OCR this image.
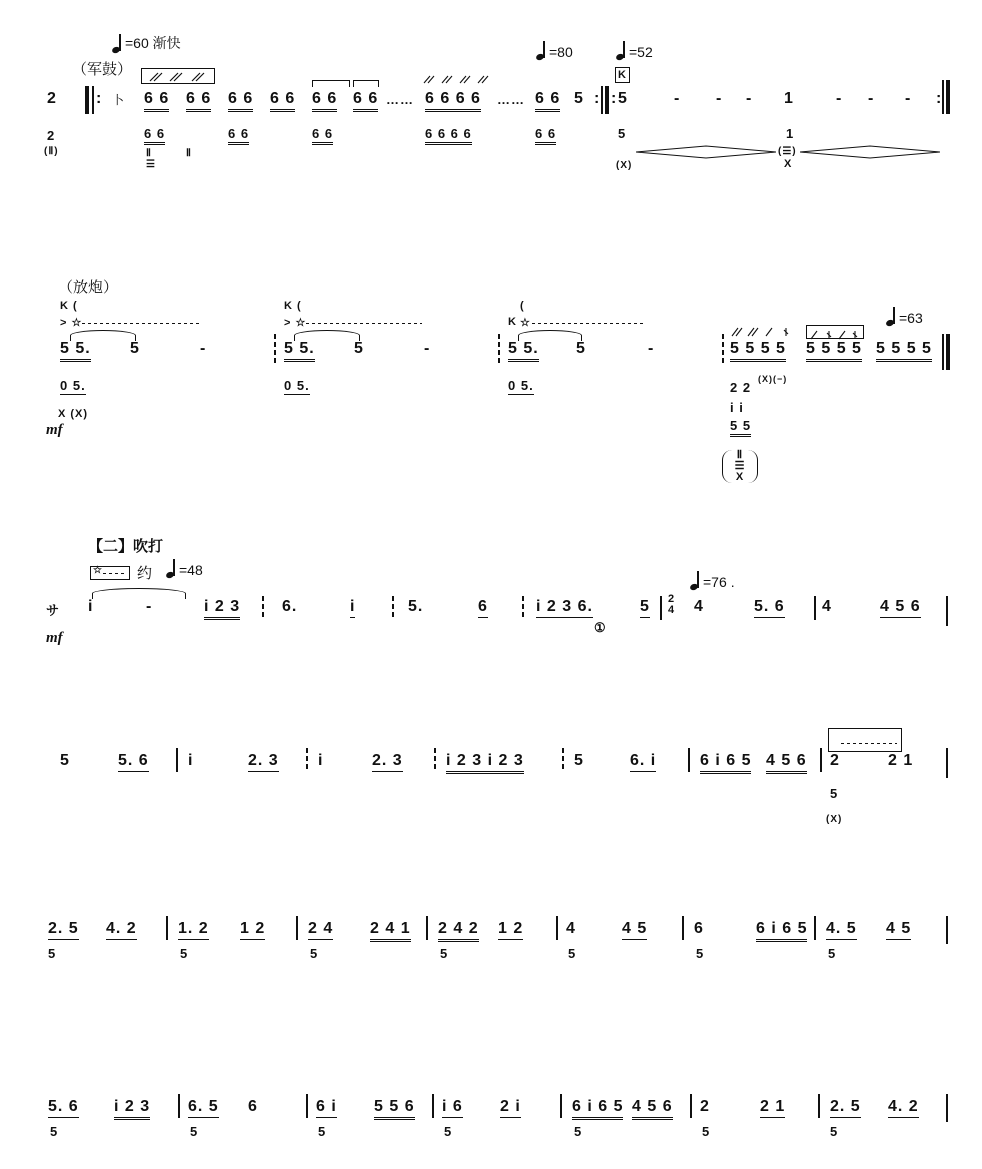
=60 渐快
（军鼓）
=80	=52
K
2
2
(Ⅱ)
: 卜 6 6 6 6 6 6 6 6 6 6 6 6 …… 6 6 6 6 …… 6 6 5 : : 5	- - - 1	- - - :
6 6	6 6	6 6	6 6 6 6	6 6
Ⅱ
☰
Ⅱ
5
(X)
1
(☰)
X
（放炮）
K (
> ☆
5 5. 5	-
0 5.
X (X)
mf
K (
> ☆
5 5. 5	-
0 5.
(
K ☆
5 5. 5	-
0 5.
=63
5 5 5 5 5 5 5 5 5 5 5 5
2 2
(X)(−)
i i
5 5
Ⅱ
☰
X
【二】吹打
☆ 约 =48
=76 .
サ i	-	i 2 3
mf
6.	i	5.	6	i 2 3 6.	5
①
2
4 4	5. 6 4	4 5 6
5	5. 6 i	2. 3 i	2. 3	i 2 3 i 2 3	5	6. i	6 i 6 5 4 5 6 2	2 1
5
(X)
2. 5 4. 2
5
1. 2 1 2
5
2 4 2 4 1
5
2 4 2 1 2
5
4	4 5
5
6	6 i 6 5
5
4. 5 4 5
5
5. 6 i 2 3
5
6. 5 6
5
6 i 5 5 6
5
i 6 2 i
5
6 i 6 5 4 5 6
5
2	2 1
5
2. 5 4. 2
5
